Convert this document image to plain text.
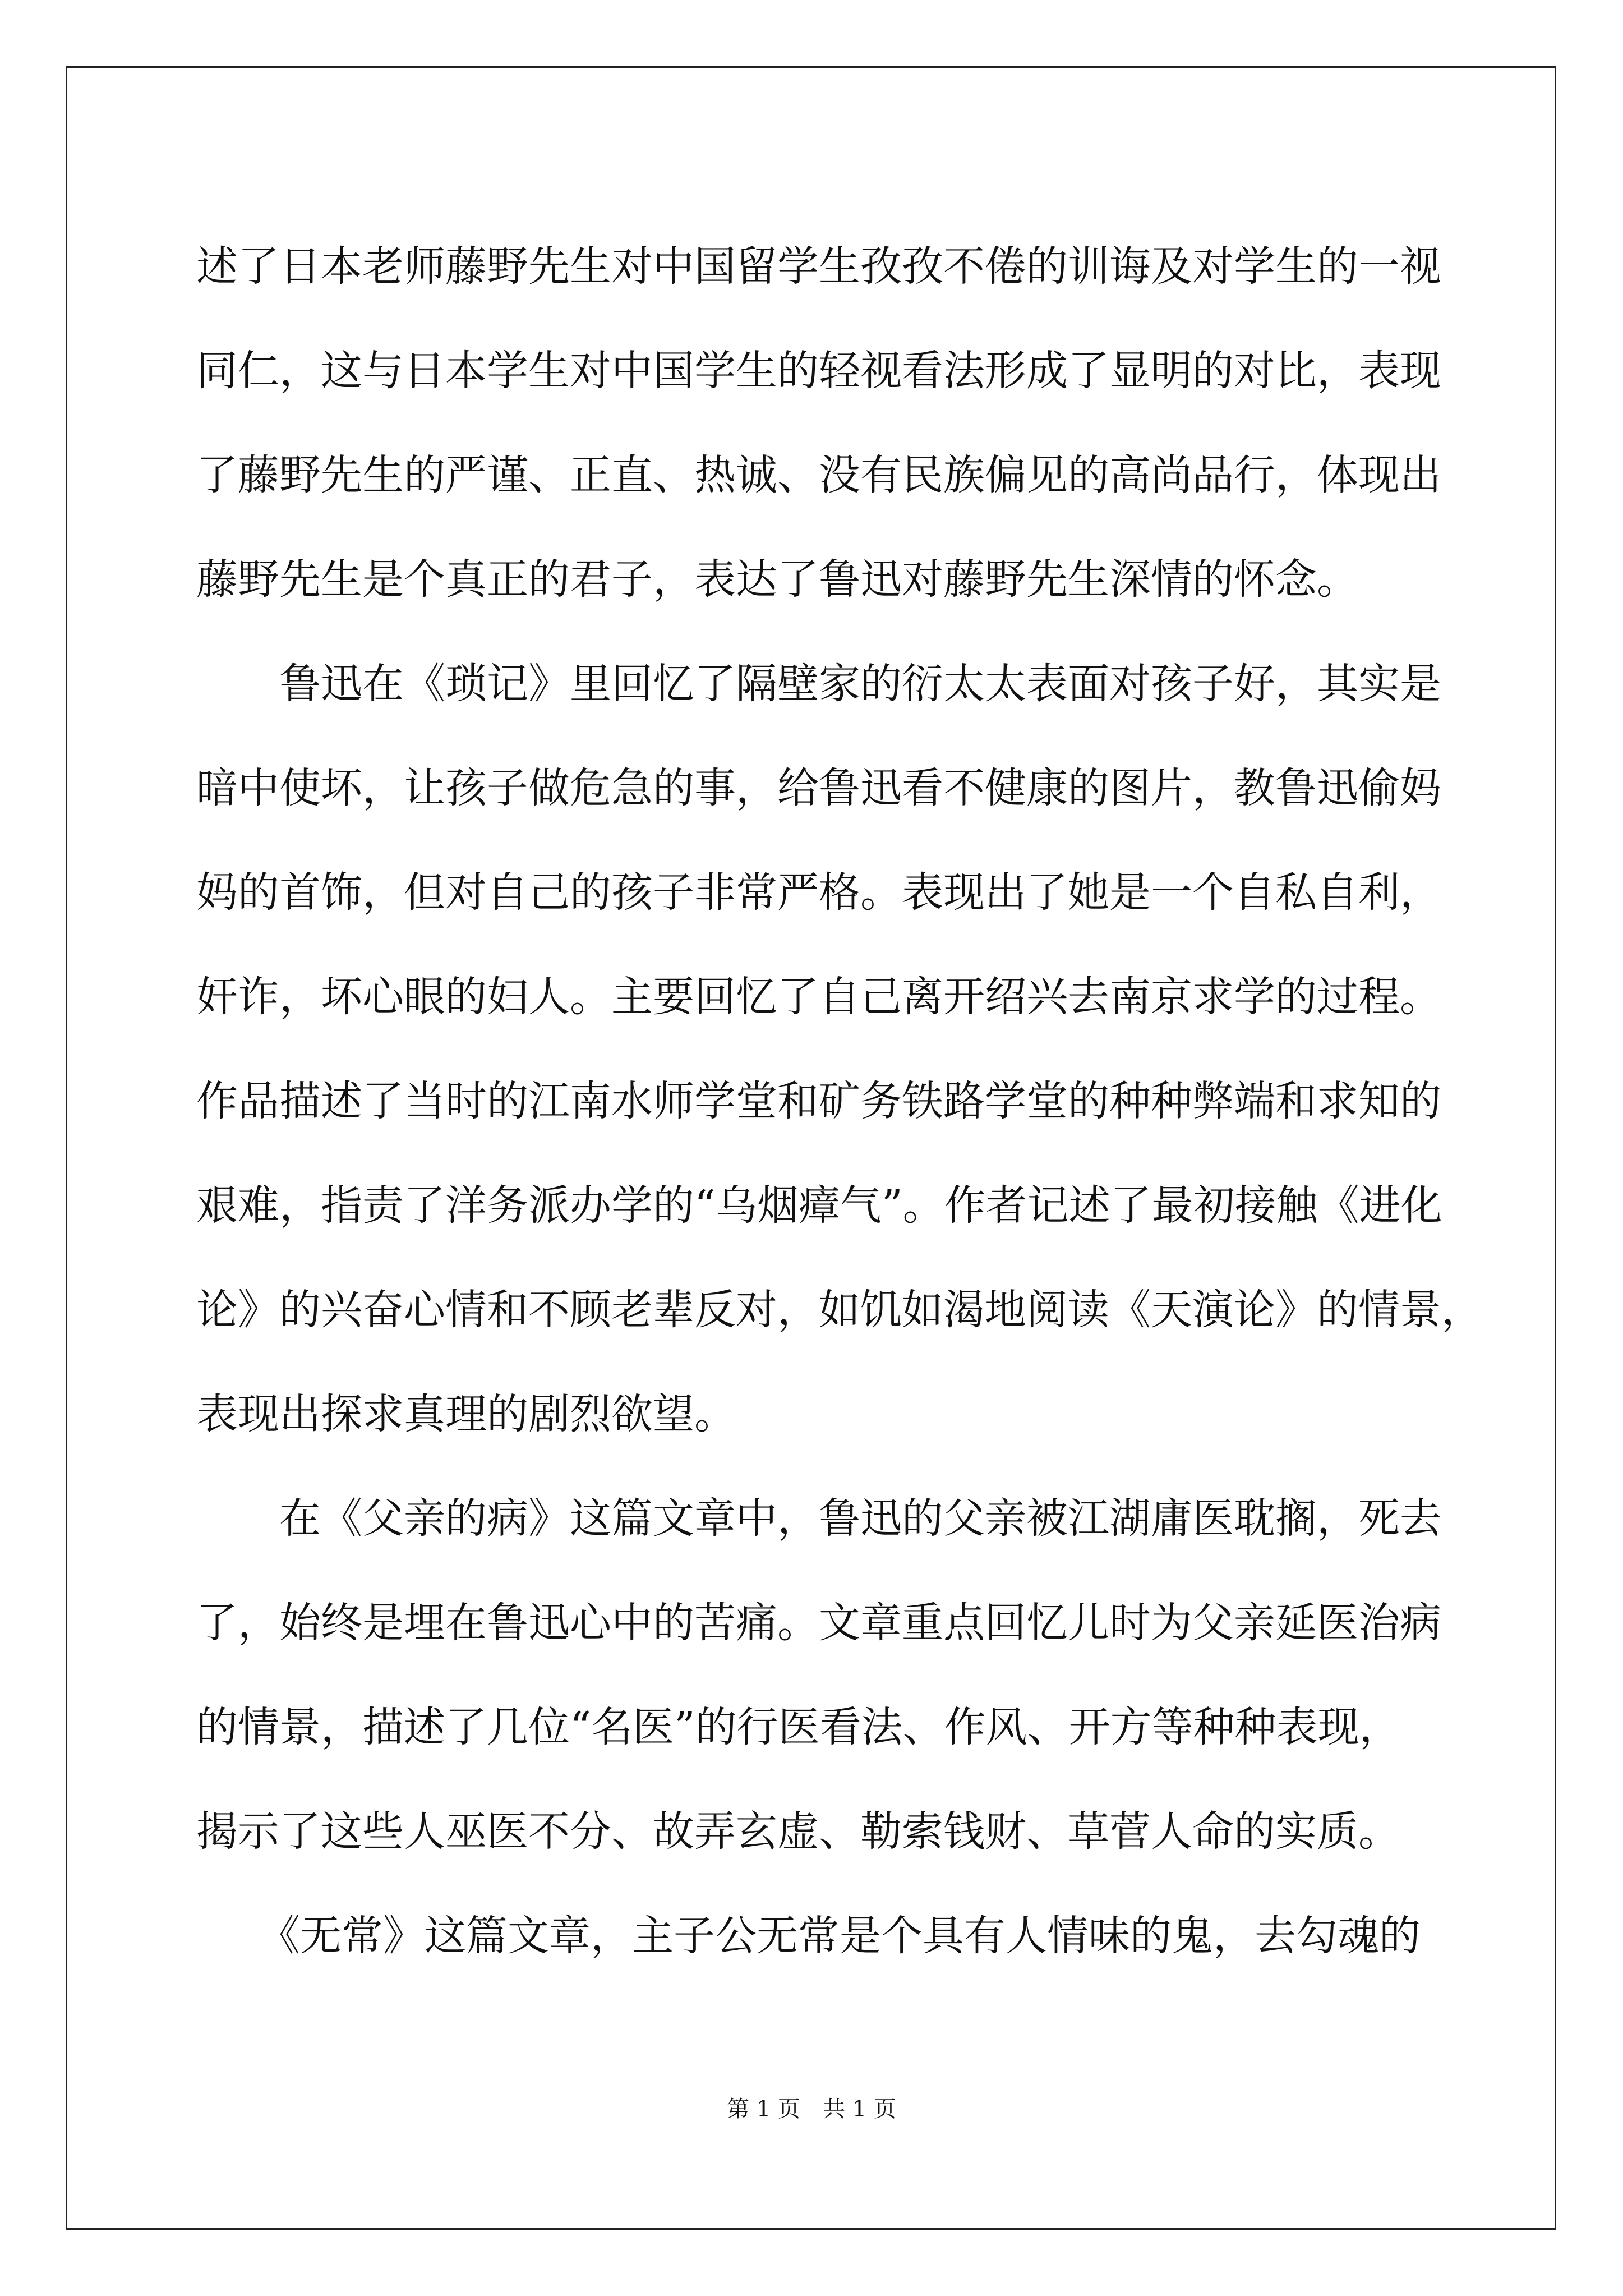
述了日本老师藤野先生对中国留学生孜孜不倦的训诲及对学生的一视
同仁，这与日本学生对中国学生的轻视看法形成了显明的对比，表现
了藤野先生的严谨、正直、热诚、没有民族偏见的高尚品行，体现出
藤野先生是个真正的君子，表达了鲁迅对藤野先生深情的怀念。
　　鲁迅在《琐记》里回忆了隔壁家的衍太太表面对孩子好，其实是
暗中使坏，让孩子做危急的事，给鲁迅看不健康的图片，教鲁迅偷妈
妈的首饰，但对自己的孩子非常严格。表现出了她是一个自私自利，
奸诈，坏心眼的妇人。主要回忆了自己离开绍兴去南京求学的过程。
作品描述了当时的江南水师学堂和矿务铁路学堂的种种弊端和求知的
艰难，指责了洋务派办学的“乌烟瘴气”。作者记述了最初接触《进化
论》的兴奋心情和不顾老辈反对，如饥如渴地阅读《天演论》的情景，
表现出探求真理的剧烈欲望。
　　在《父亲的病》这篇文章中，鲁迅的父亲被江湖庸医耽搁，死去
了，始终是埋在鲁迅心中的苦痛。文章重点回忆儿时为父亲延医治病
的情景，描述了几位“名医”的行医看法、作风、开方等种种表现，
揭示了这些人巫医不分、故弄玄虚、勒索钱财、草菅人命的实质。
　　《无常》这篇文章，主子公无常是个具有人情味的鬼，去勾魂的
第 1 页　共 1 页
